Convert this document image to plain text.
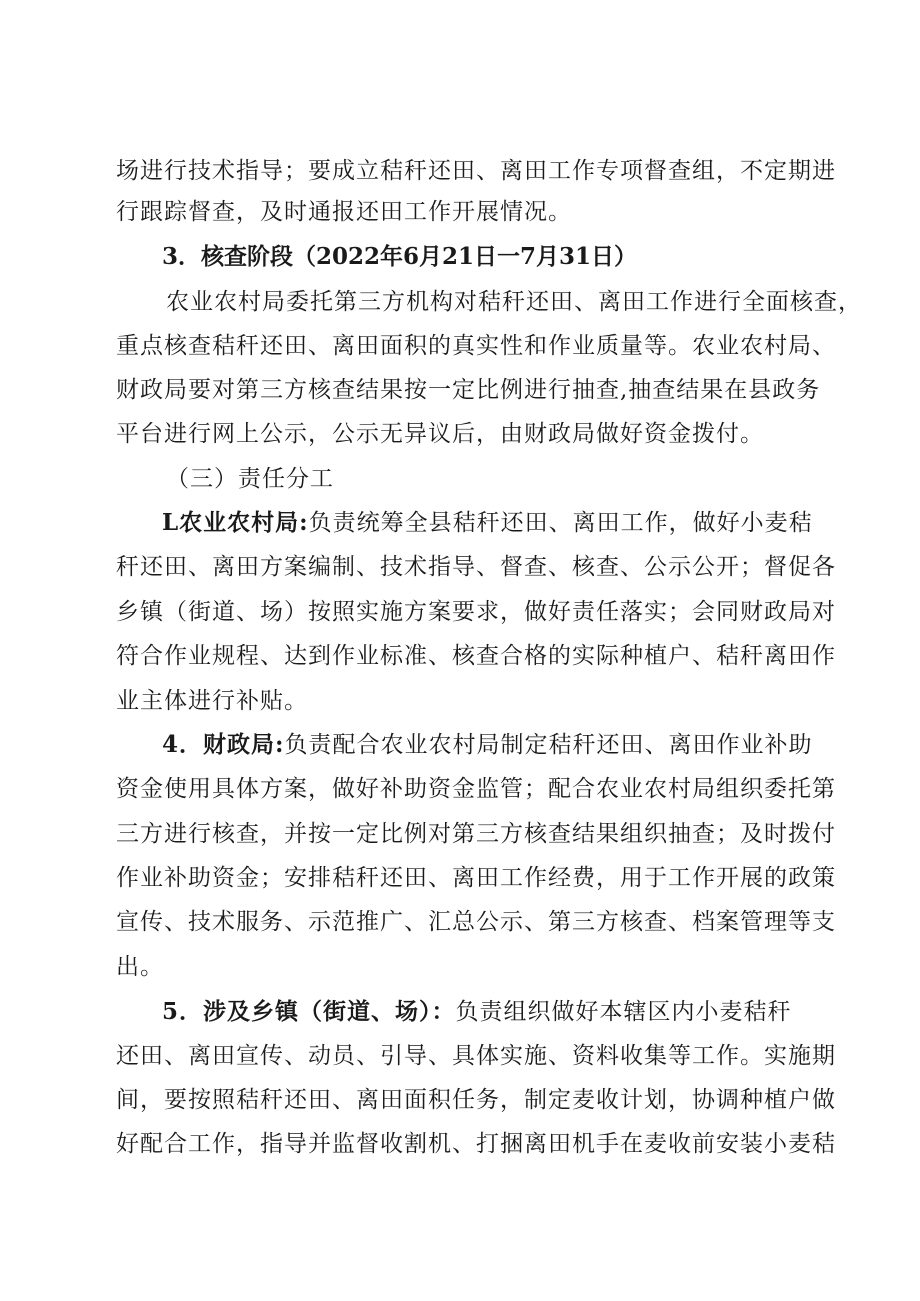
场进行技术指导；要成立秸秆还田、离田工作专项督查组，不定期进
行跟踪督查，及时通报还田工作开展情况。
3．核查阶段（2022年6月21日一7月31日）
农业农村局委托第三方机构对秸秆还田、离田工作进行全面核查，
重点核查秸秆还田、离田面积的真实性和作业质量等。农业农村局、
财政局要对第三方核查结果按一定比例进行抽查,抽查结果在县政务
平台进行网上公示，公示无异议后，由财政局做好资金拨付。
（三）责任分工
L农业农村局:负责统筹全县秸秆还田、离田工作，做好小麦秸
秆还田、离田方案编制、技术指导、督查、核查、公示公开；督促各
乡镇（街道、场）按照实施方案要求，做好责任落实；会同财政局对
符合作业规程、达到作业标准、核查合格的实际种植户、秸秆离田作
业主体进行补贴。
4．财政局:负责配合农业农村局制定秸秆还田、离田作业补助
资金使用具体方案，做好补助资金监管；配合农业农村局组织委托第
三方进行核查，并按一定比例对第三方核查结果组织抽查；及时拨付
作业补助资金；安排秸秆还田、离田工作经费，用于工作开展的政策
宣传、技术服务、示范推广、汇总公示、第三方核查、档案管理等支
出。
5．涉及乡镇（街道、场）：负责组织做好本辖区内小麦秸秆
还田、离田宣传、动员、引导、具体实施、资料收集等工作。实施期
间，要按照秸秆还田、离田面积任务，制定麦收计划，协调种植户做
好配合工作，指导并监督收割机、打捆离田机手在麦收前安装小麦秸
